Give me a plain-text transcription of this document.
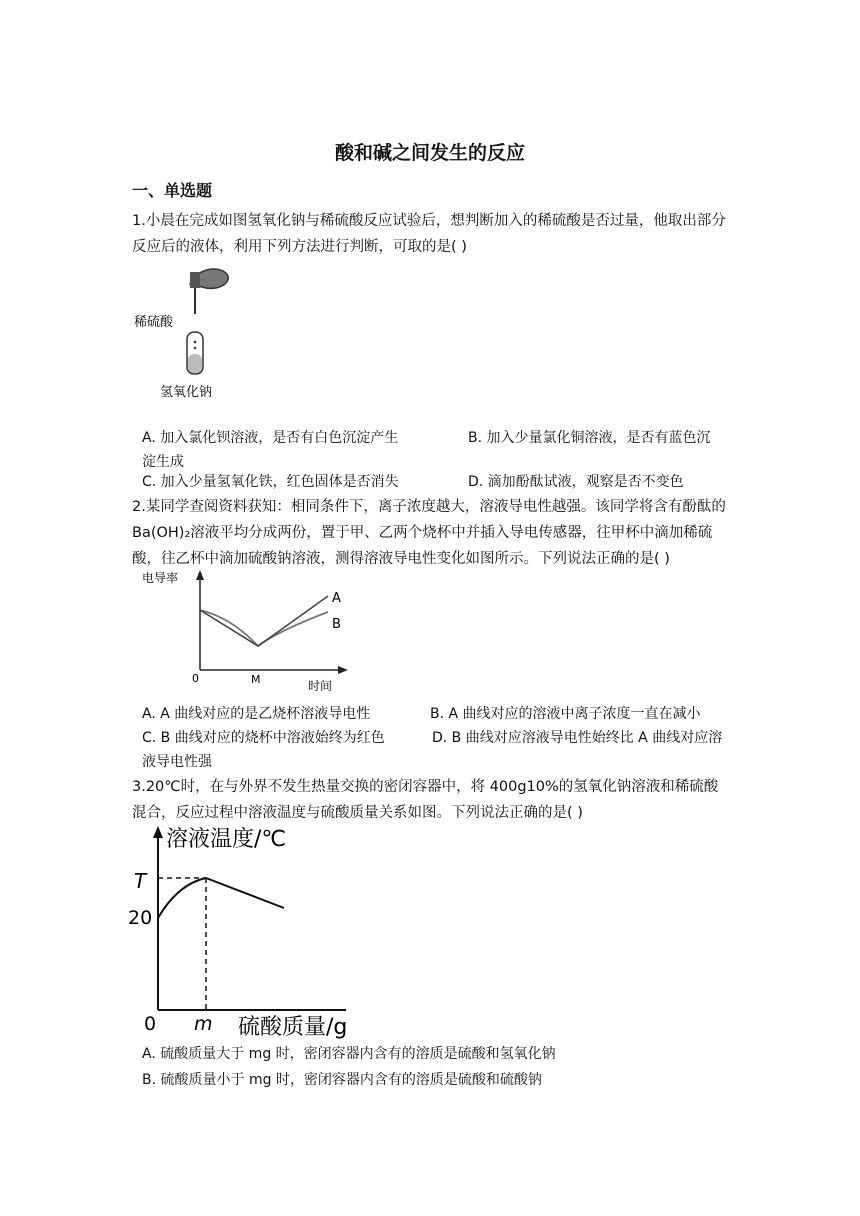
酸和碱之间发生的反应
一、单选题
1.小晨在完成如图氢氧化钠与稀硫酸反应试验后，想判断加入的稀硫酸是否过量，他取出部分反应后的液体，利用下列方法进行判断，可取的是( )
稀硫酸
氢氧化钠
A. 加入氯化钡溶液，是否有白色沉淀产生	B. 加入少量氯化铜溶液，是否有蓝色沉
淀生成
C. 加入少量氢氧化铁，红色固体是否消失	D. 滴加酚酞试液，观察是否不变色
2.某同学查阅资料获知：相同条件下，离子浓度越大，溶液导电性越强。该同学将含有酚酞的 Ba(OH)₂溶液平均分成两份，置于甲、乙两个烧杯中并插入导电传感器，往甲杯中滴加稀硫酸，往乙杯中滴加硫酸钠溶液，测得溶液导电性变化如图所示。下列说法正确的是( )
电导率
时间
0	M
A
B
A. A 曲线对应的是乙烧杯溶液导电性	B. A 曲线对应的溶液中离子浓度一直在减小
C. B 曲线对应的烧杯中溶液始终为红色	D. B 曲线对应溶液导电性始终比 A 曲线对应溶
液导电性强
3.20℃时，在与外界不发生热量交换的密闭容器中，将 400g10%的氢氧化钠溶液和稀硫酸混合，反应过程中溶液温度与硫酸质量关系如图。下列说法正确的是( )
溶液温度/℃
T
20
0 m 硫酸质量/g
A. 硫酸质量大于 mg 时，密闭容器内含有的溶质是硫酸和氢氧化钠
B. 硫酸质量小于 mg 时，密闭容器内含有的溶质是硫酸和硫酸钠
